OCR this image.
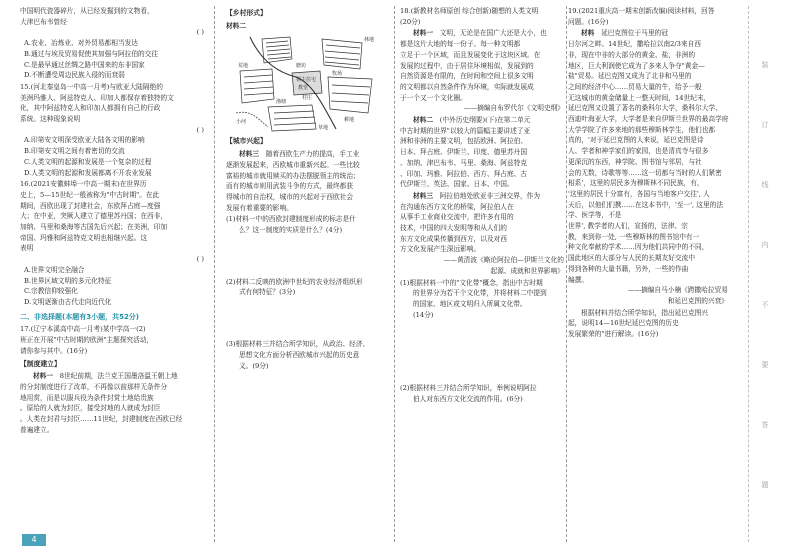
中国明代瓷器碎片，从已经发掘到的文物看，

大津巴布韦曾经

( )

A.农业、冶炼业、对外贸易都相当发达

B.通过与埃及贸易促使其加强与阿拉伯的交往

C.是最早通过丝绸之路中国来的东非国家

D.不断遭受周边民族入侵的而衰弱

15.(河北秦皇岛一中高一月考)与欧亚大陆隔绝的

美洲玛雅人、阿兹特克人、印加人都保存着独特的文

化，其中阿兹特克人和印加人都拥有自己的行政

系统。这种现象说明

( )

A.印第安文明深受欧亚大陆各文明的影响

B.印第安文明之间有着密切的交流

C.人类文明的起源和发展是一个复杂的过程

D.人类文明的起源和发展都离不开农业发展

16.(2021安徽蚌埠一中高一期末)在世界历

史上，5—15世纪一般被称为"中古时期"。在此

期间，西欧出现了封建社会，东欧拜占庭—度强

大；在中亚，突厥人建立了德里苏丹国；在西非，

加纳、马里和桑海等古国先后兴起；在美洲，印加

帝国、玛雅和阿兹特克文明也相继兴起。这

表明

( )

A.世界文明完全融合

B.世界区域文明的多元化特征

C.宗教信仰较强化

D.文明逐渐由古代走向近代化

二、非选择题(本题有3小题，共52分)

17.(辽宁本溪高中高一月考)某中学高一(2)

班正在开展"中古时期的欧洲"主题探究活动，

请你参与其中。(16分)

【 制度建立 】

材料一　 8世纪前期，法兰克王国墨洛温王朝上地

的分封制度进行了改革，不再像以前那样无条件分

地用赏，而是以服兵役为条件封赏土地给贵族

。原给的人就为封臣，接受封地的人就成为封臣

。人类在封君与封臣……11世纪，封建制度在西欧已经

普遍建立。

【 乡村形式 】

材料二

领主住宅
教堂
磨坊
牧场
荒地
村庄
耕地
林地
小河
渔塘
草地
【 城市兴起 】

材料三　 随着西欧生产力的提高，手工业

逐渐发展起来，西欧城市重新兴起。一些比较

富裕的城市就用赎买的办法摆脱领主的统治；

而有的城市则用武装斗争的方式，最终都获

得城市的自治权，城市的兴起对于西欧社会

发展有着重要的影响。

(1)材料一中的西欧封建制度形成的标志是什

么？这一制度的实质是什么？(4分)

(2)材料二反映的欧洲中世纪的农业经济组织形

式有何特征？(3分)

(3)根据材料三并结合所学知识，从政治、经济、

思想文化方面分析西欧城市兴起的历史意

义。(9分)

18.(新教材名师原创 综合创新)随想的人类文明

(20分)

材料一　 文明，无论是在国广大还是大小，也

都是这片大地的每一份子。每一种文明都

立足于一个区域，而且发展变化于这块区域。在

发展的过程中，由于居住环境相似，发展到的

自然资源是有限的，在时间和空间上很多文明

的文明都以自然条件作为环境，实际就发展成

于一个又一个文化圈。

——摘编自布罗代尔《文明史纲》

材料二　 (中外历史纲要)(下)在第二单元

中古时期的世界"以较大的篇幅主要讲述了亚

洲和非洲的主要文明，包括欧洲、阿拉伯、

日本、拜占庭、伊斯兰、印度、德里苏丹国

、加纳、津巴布韦、马里、桑海、阿兹特克

、印加、玛雅、阿拉伯、西方、拜占庭、古

代伊斯兰、英法、国家、日本、中国。

材料三　 阿拉伯地处欧亚非三洲交界，作为

在沟通东西方文化的桥梁，阿拉伯人在

从事手工业商业交流中，把许多有用的

技术，中国的四大发明等和从人们的

东方文化成果传播到西方，以及对西

方文化发展产生深远影响。

——黄清波《略论阿拉伯—伊斯兰文化的

起源、成就和世界影响》

(1)根据材料一中的"文化带"概念，指出中古时期

的世界分为若干个文化带，并将材料二中提到

的国家、地区或文明归入所属文化带。

(14分)

(2)根据材料三并结合所学知识，举例说明阿拉

伯人对东西方文化交流的作用。(6分)

19.(2021重庆高一期末创新改编)阅读材料，回答

问题。(16分)

材料　 延巴克图位于马里的冠

日尔河之畔。14世纪，撒哈拉以南2/3来自西

非，现在中非的大部分的黄金、盐，非洲的

地区，巨大利润使它成为了多来人争夺"黄金—

盐"贸易。延巴克图又成为了北非和马里的

之间的经济中心……贸易大量的牛，给予一般

无这城市的黄金储量上一整天时间，14世纪末，

延巴克图又设置了著名的桑科尔大学，桑科尔大学、

西迪叶海亚大学，大学者是来自伊斯兰世界的最高学府

大学学院了许多来地的那些穆斯林学生，他们也都

真的，'对于延巴克图的人来说，延巴克图是诗

人、学者和神学家们的家园，也是清真寺与很多

更深沉的东西，神学院、图书馆与邻居，与社

会的无数，诗歌等等……这一切都与当时的人们紧密

相系'，这里的居民多为穆斯林不同民族，有，

'这里的居民十分富有，各国与当地客户交往', 人

天后，以他们们携……在这本书中，'至一', 这里的法

学、医学等，不是

世界', 教学者的人们，宣扬的，法律、宗

教，来到你一处, 一些穆斯林的图书馆中有一

种文化奉献的学术……因为他们共同中的不同，

国此地区的大部分与人民的长期友好交流中

得到各种的大量书籍，另外，一些的作曲

编撰。

——摘编自马小楠《跨撒哈拉贸易

和延巴克图的兴衰》

根据材料并结合所学知识，指出延巴克图兴

起，说明14—16世纪延巴克图的历史

发展繁荣的"进行解读。(16分)

装
订
线
内
不
要
答
题
4
